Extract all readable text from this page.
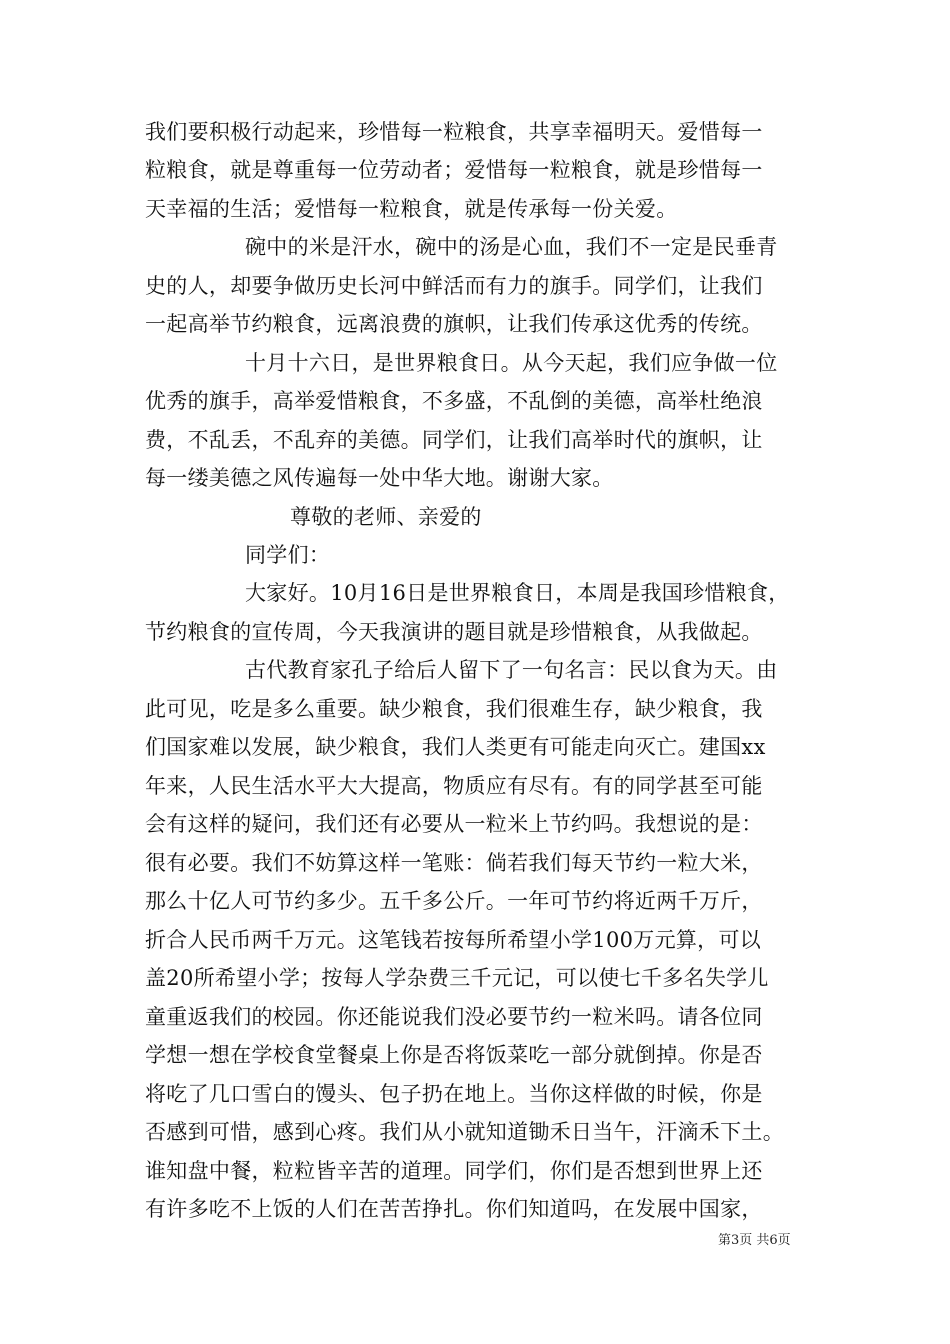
我们要积极行动起来，珍惜每一粒粮食，共享幸福明天。爱惜每一
粒粮食，就是尊重每一位劳动者；爱惜每一粒粮食，就是珍惜每一
天幸福的生活；爱惜每一粒粮食，就是传承每一份关爱。
碗中的米是汗水，碗中的汤是心血，我们不一定是民垂青
史的人，却要争做历史长河中鲜活而有力的旗手。同学们，让我们
一起高举节约粮食，远离浪费的旗帜，让我们传承这优秀的传统。
十月十六日，是世界粮食日。从今天起，我们应争做一位
优秀的旗手，高举爱惜粮食，不多盛，不乱倒的美德，高举杜绝浪
费，不乱丢，不乱弃的美德。同学们，让我们高举时代的旗帜，让
每一缕美德之风传遍每一处中华大地。谢谢大家。
尊敬的老师、亲爱的
同学们：
大家好。10月16日是世界粮食日，本周是我国珍惜粮食，
节约粮食的宣传周，今天我演讲的题目就是珍惜粮食，从我做起。
古代教育家孔子给后人留下了一句名言：民以食为天。由
此可见，吃是多么重要。缺少粮食，我们很难生存，缺少粮食，我
们国家难以发展，缺少粮食，我们人类更有可能走向灭亡。建国xx
年来，人民生活水平大大提高，物质应有尽有。有的同学甚至可能
会有这样的疑问，我们还有必要从一粒米上节约吗。我想说的是：
很有必要。我们不妨算这样一笔账：倘若我们每天节约一粒大米，
那么十亿人可节约多少。五千多公斤。一年可节约将近两千万斤，
折合人民币两千万元。这笔钱若按每所希望小学100万元算，可以
盖20所希望小学；按每人学杂费三千元记，可以使七千多名失学儿
童重返我们的校园。你还能说我们没必要节约一粒米吗。请各位同
学想一想在学校食堂餐桌上你是否将饭菜吃一部分就倒掉。你是否
将吃了几口雪白的馒头、包子扔在地上。当你这样做的时候，你是
否感到可惜，感到心疼。我们从小就知道锄禾日当午，汗滴禾下土。
谁知盘中餐，粒粒皆辛苦的道理。同学们，你们是否想到世界上还
有许多吃不上饭的人们在苦苦挣扎。你们知道吗，在发展中国家，
第3页 共6页
